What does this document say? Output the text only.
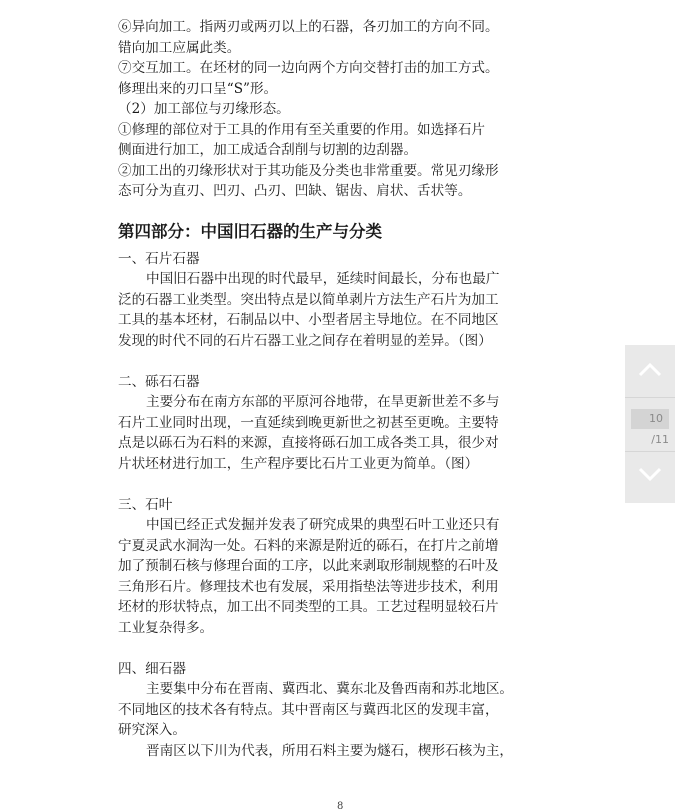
⑥异向加工。指两刃或两刃以上的石器，各刃加工的方向不同。
错向加工应属此类。
⑦交互加工。在坯材的同一边向两个方向交替打击的加工方式。
修理出来的刃口呈“S”形。
（2）加工部位与刃缘形态。
①修理的部位对于工具的作用有至关重要的作用。如选择石片
侧面进行加工，加工成适合刮削与切割的边刮器。
②加工出的刃缘形状对于其功能及分类也非常重要。常见刃缘形
态可分为直刃、凹刃、凸刃、凹缺、锯齿、肩状、舌状等。
第四部分：中国旧石器的生产与分类
一、石片石器
中国旧石器中出现的时代最早，延续时间最长，分布也最广
泛的石器工业类型。突出特点是以简单剥片方法生产石片为加工
工具的基本坯材，石制品以中、小型者居主导地位。在不同地区
发现的时代不同的石片石器工业之间存在着明显的差异。（图）
二、砾石石器
主要分布在南方东部的平原河谷地带，在旱更新世差不多与
石片工业同时出现，一直延续到晚更新世之初甚至更晚。主要特
点是以砾石为石料的来源，直接将砾石加工成各类工具，很少对
片状坯材进行加工，生产程序要比石片工业更为简单。（图）
三、石叶
中国已经正式发掘并发表了研究成果的典型石叶工业还只有
宁夏灵武水洞沟一处。石料的来源是附近的砾石，在打片之前增
加了预制石核与修理台面的工序，以此来剥取形制规整的石叶及
三角形石片。修理技术也有发展，采用指垫法等进步技术，利用
坯材的形状特点，加工出不同类型的工具。工艺过程明显较石片
工业复杂得多。
四、细石器
主要集中分布在晋南、冀西北、冀东北及鲁西南和苏北地区。
不同地区的技术各有特点。其中晋南区与冀西北区的发现丰富，
研究深入。
晋南区以下川为代表，所用石料主要为燧石，楔形石核为主，
8
10
/11
